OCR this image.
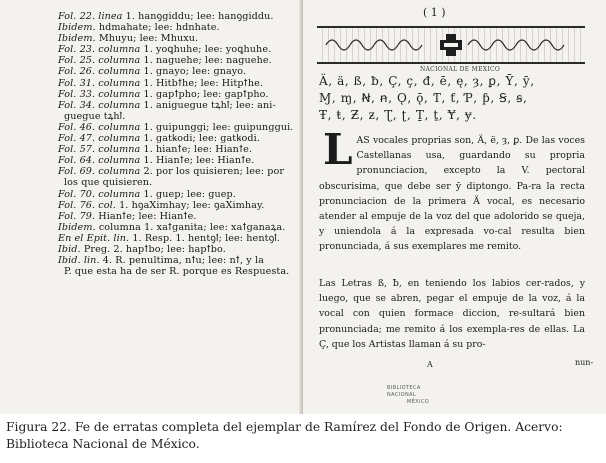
Fol. 22. linea 1. hanꝯgiddu; lee: hanꝯgiddu.
Ibidem. hdmahate; lee: hdnhate.
Ibidem. Mhuyu; lee: Mhuxu.
Fol. 23. columna 1. yoꝗhuhe; lee: yoꝗhuhe.
Fol. 25. columna 1. naguehe; lee: naguehe.
Fol. 26. columna 1. gnayo; lee: ɡnayo.
Fol. 31. columna 1. Hitbꝉhe; lee: Hitpꝉhe.
Fol. 33. columna 1. gapꝉpho; lee: gapꝉpho.
Fol. 34. columna 1. aniguegue tꝝhꝉ; lee: ani-
guegue tꝝhꝉ.
Fol. 46. columna 1. guipunggi; lee: guipunggui.
Fol. 47. columna 1. gatꝃodi; lee: gatꝃodi.
Fol. 57. columna 1. hianꝉe; lee: Hianꝉe.
Fol. 64. columna 1. Hianꝉe; lee: Hianꝉe.
Fol. 69. columna 2. por los quisieren; lee: por
los que quisieren.
Fol. 70. columna 1. guep; lee: guep.
Fol. 76. col. 1. hꝯaXimhay; lee: ꝯaXimhay.
Fol. 79. Hianꝉe; lee: Hianꝉe.
Ibidem. columna 1. xaꝉganita; lee: xaꝉganaꝝa.
En el Epit. lin. 1. Resp. 1. hentꝯꝉ; lee: hentꝯꝉ.
Ibid. Preg. 2. hapꝉbo; lee: hapꝉbo.
Ibid. lin. 4. R. penultima, nꝉu; lee: nꝉ, y la
P. que esta ha de ser R. porque es Respuesta.
( 1 )
NACIONAL DE MEXICO
Ä, ä, ß, ƀ, Ç, ç, đ, ē, ę, ȝ, ꝑ, Ȳ, ȳ,
Ɱ, ɱ, Ꞥ, ꞥ, Ǫ, ǭ, Ƭ, ƭ, Ƥ, ƥ, Ꞩ, ꞩ,
Ŧ, ŧ, Ƶ, ƶ, Ʈ, ʈ, Ṯ, ṯ, Ɏ, ɏ.
L AS vocales proprias son, Ä, ë, ȝ, ꝑ. De las voces Castellanas usa, guardando su propria pronunciacion, excepto la V. pectoral obscurisima, que debe ser ȳ diptongo. Pa-ra la recta pronunciacion de la primera Ä vocal, es necesario atender al empuje de la voz del que adolorido se queja, y uniendola á la expresada vo-cal resulta bien pronunciada, á sus exemplares me remito.
Las Letras ß, ƀ, en teniendo los labios cer-rados, y luego, que se abren, pegar el empuje de la voz, á la vocal con quien formace diccion, re-sultará bien pronunciada; me remito á los exempla-res de ellas. La Ç, que los Artistas llaman á su pro-
A	nun-
BIBLIOTECA NACIONAL
MÉXICO
Figura 22. Fe de erratas completa del ejemplar de Ramírez del Fondo de Origen. Acervo: Biblioteca Nacional de México.
